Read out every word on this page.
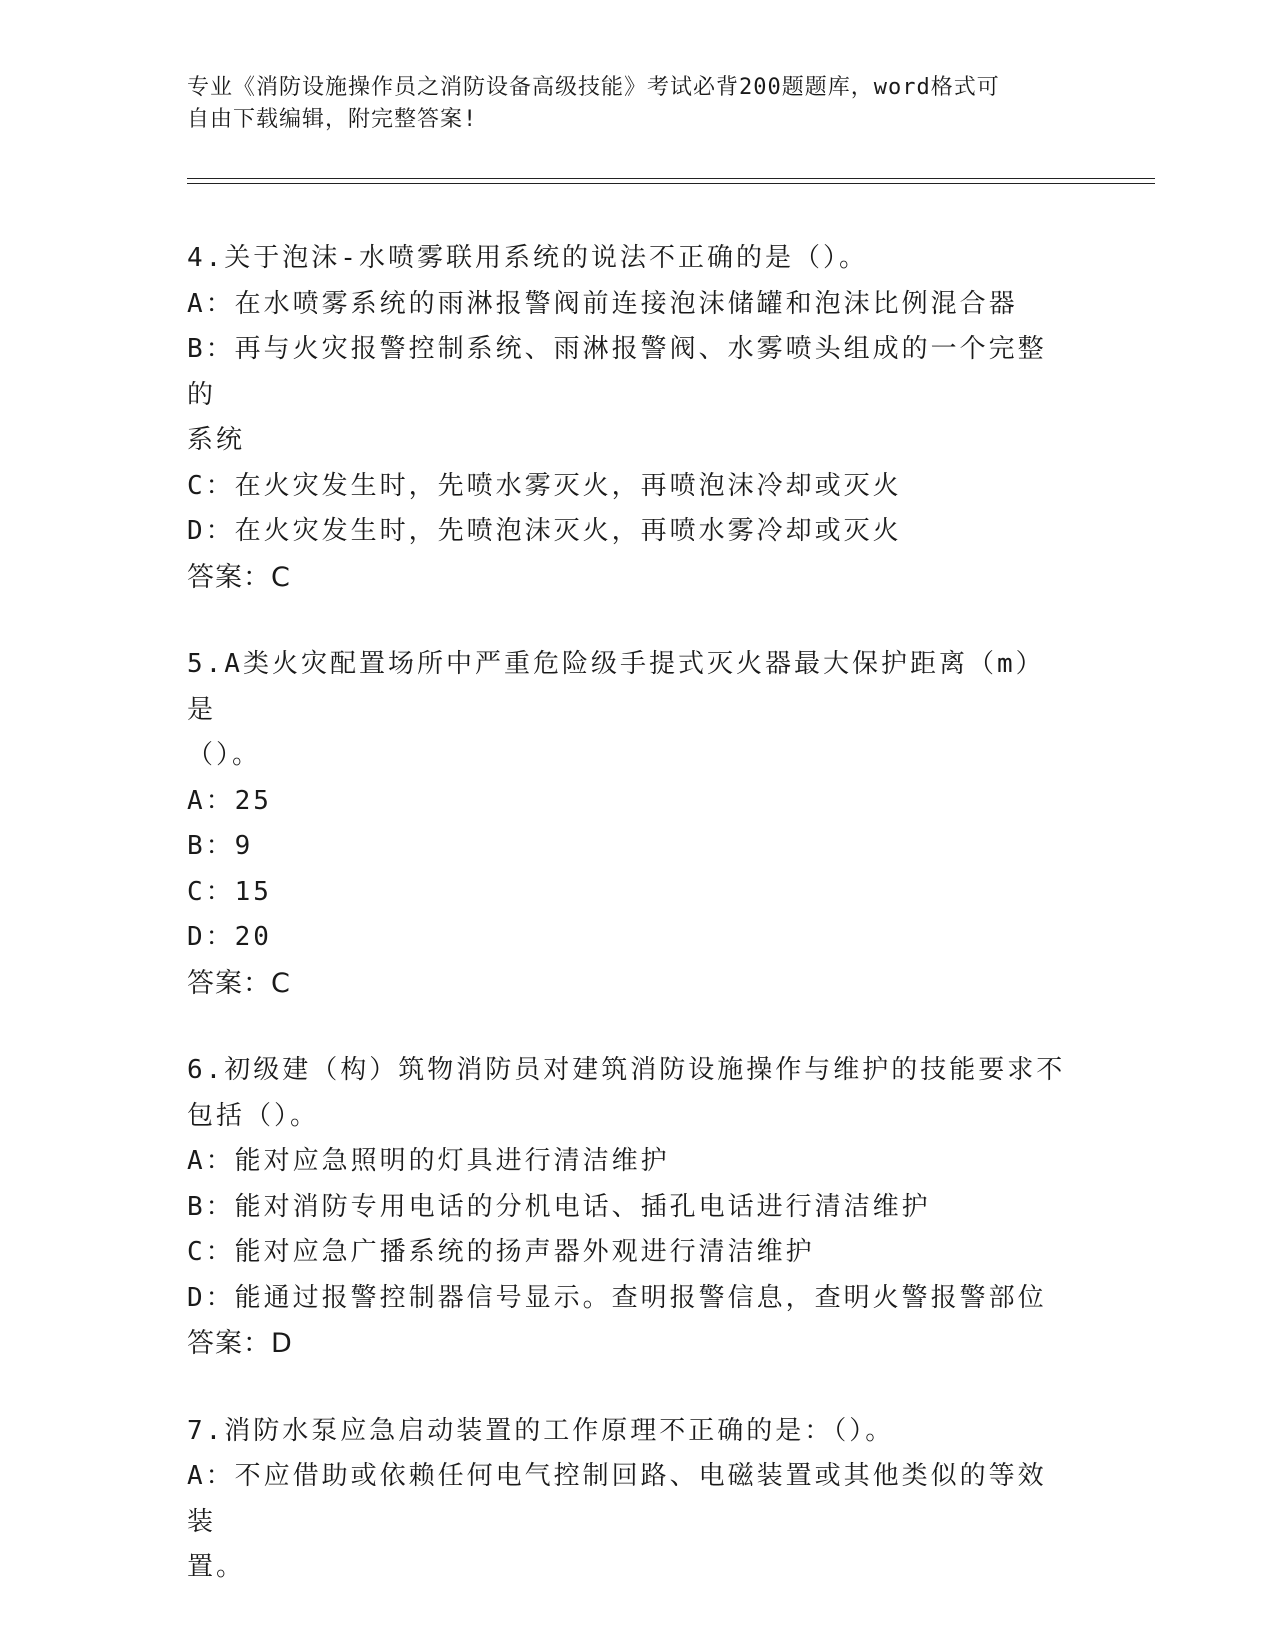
专业《消防设施操作员之消防设备高级技能》考试必背200题题库，word格式可
自由下载编辑，附完整答案!
4.关于泡沫-水喷雾联用系统的说法不正确的是（）。
A：在水喷雾系统的雨淋报警阀前连接泡沫储罐和泡沫比例混合器
B：再与火灾报警控制系统、雨淋报警阀、水雾喷头组成的一个完整的
系统
C：在火灾发生时，先喷水雾灭火，再喷泡沫冷却或灭火
D：在火灾发生时，先喷泡沫灭火，再喷水雾冷却或灭火
答案：C
5.A类火灾配置场所中严重危险级手提式灭火器最大保护距离（m）是
（）。
A：25
B：9
C：15
D：20
答案：C
6.初级建（构）筑物消防员对建筑消防设施操作与维护的技能要求不
包括（）。
A：能对应急照明的灯具进行清洁维护
B：能对消防专用电话的分机电话、插孔电话进行清洁维护
C：能对应急广播系统的扬声器外观进行清洁维护
D：能通过报警控制器信号显示。查明报警信息，查明火警报警部位
答案：D
7.消防水泵应急启动装置的工作原理不正确的是：（）。
A：不应借助或依赖任何电气控制回路、电磁装置或其他类似的等效装
置。
